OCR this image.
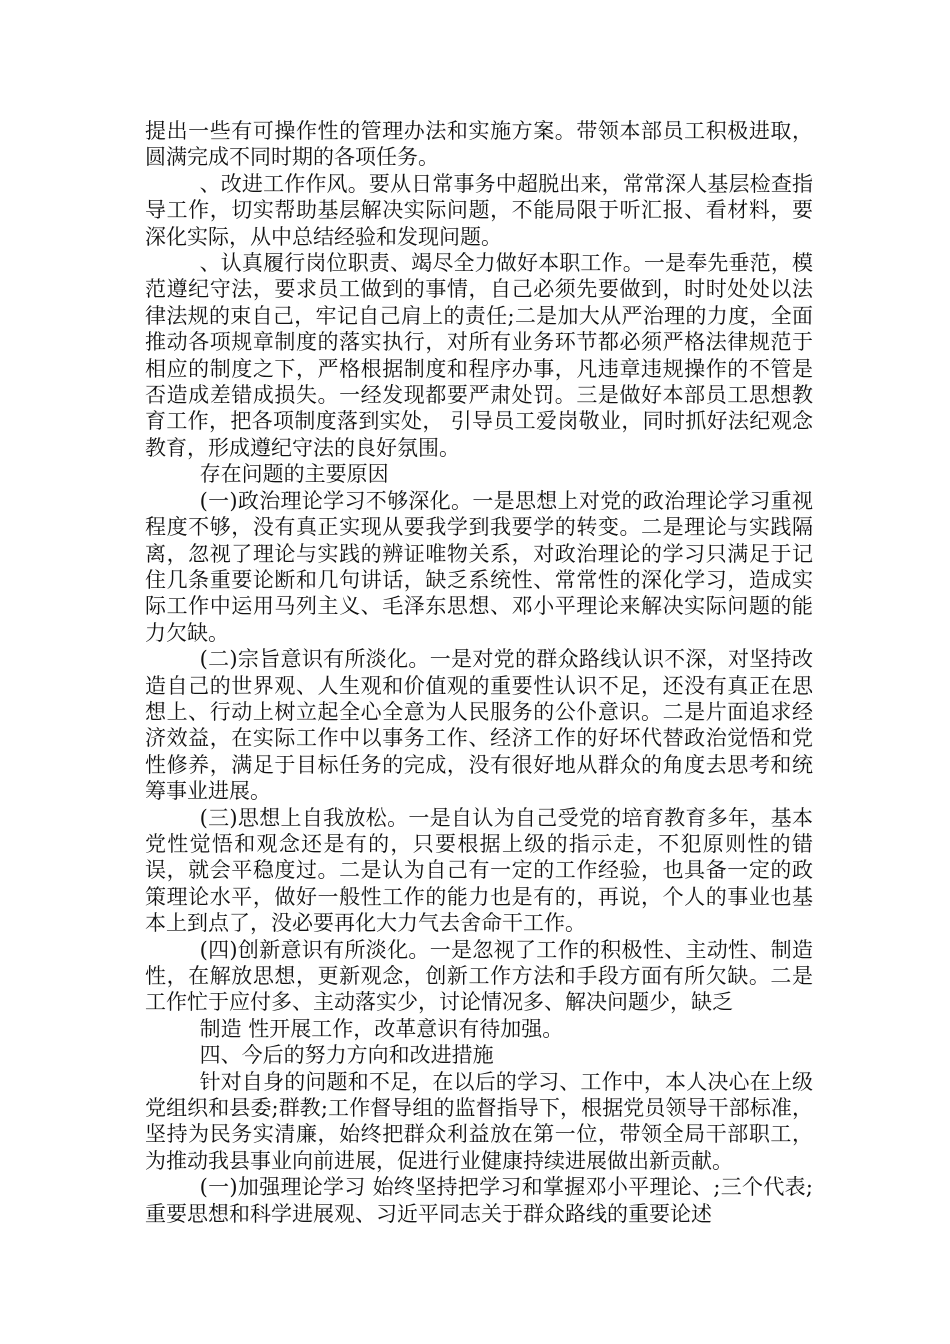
提出一些有可操作性的管理办法和实施方案。带领本部员工积极进取，圆满完成不同时期的各项任务。

、改进工作作风。要从日常事务中超脱出来，常常深人基层检查指导工作，切实帮助基层解决实际问题，不能局限于听汇报、看材料，要深化实际，从中总结经验和发现问题。

、认真履行岗位职责、竭尽全力做好本职工作。一是奉先垂范，模范遵纪守法，要求员工做到的事情，自己必须先要做到，时时处处以法律法规的束自己，牢记自己肩上的责任;二是加大从严治理的力度，全面推动各项规章制度的落实执行，对所有业务环节都必须严格法律规范于相应的制度之下，严格根据制度和程序办事，凡违章违规操作的不管是否造成差错成损失。一经发现都要严肃处罚。三是做好本部员工思想教育工作，把各项制度落到实处， 引导员工爱岗敬业，同时抓好法纪观念教育，形成遵纪守法的良好氛围。

存在问题的主要原因

(一)政治理论学习不够深化。一是思想上对党的政治理论学习重视程度不够，没有真正实现从要我学到我要学的转变。二是理论与实践隔离，忽视了理论与实践的辨证唯物关系，对政治理论的学习只满足于记住几条重要论断和几句讲话，缺乏系统性、常常性的深化学习，造成实际工作中运用马列主义、毛泽东思想、邓小平理论来解决实际问题的能力欠缺。

(二)宗旨意识有所淡化。一是对党的群众路线认识不深，对坚持改造自己的世界观、人生观和价值观的重要性认识不足，还没有真正在思想上、行动上树立起全心全意为人民服务的公仆意识。二是片面追求经济效益，在实际工作中以事务工作、经济工作的好坏代替政治觉悟和党性修养，满足于目标任务的完成，没有很好地从群众的角度去思考和统筹事业进展。

(三)思想上自我放松。一是自认为自己受党的培育教育多年，基本党性觉悟和观念还是有的，只要根据上级的指示走，不犯原则性的错误，就会平稳度过。二是认为自己有一定的工作经验，也具备一定的政策理论水平，做好一般性工作的能力也是有的，再说，个人的事业也基本上到点了，没必要再化大力气去舍命干工作。

(四)创新意识有所淡化。一是忽视了工作的积极性、主动性、制造性，在解放思想，更新观念，创新工作方法和手段方面有所欠缺。二是工作忙于应付多、主动落实少，讨论情况多、解决问题少，缺乏

制造 性开展工作，改革意识有待加强。

四、今后的努力方向和改进措施

针对自身的问题和不足，在以后的学习、工作中，本人决心在上级党组织和县委;群教;工作督导组的监督指导下，根据党员领导干部标准，坚持为民务实清廉，始终把群众利益放在第一位，带领全局干部职工，为推动我县事业向前进展，促进行业健康持续进展做出新贡献。

(一)加强理论学习 始终坚持把学习和掌握邓小平理论、;三个代表;重要思想和科学进展观、习近平同志关于群众路线的重要论述
